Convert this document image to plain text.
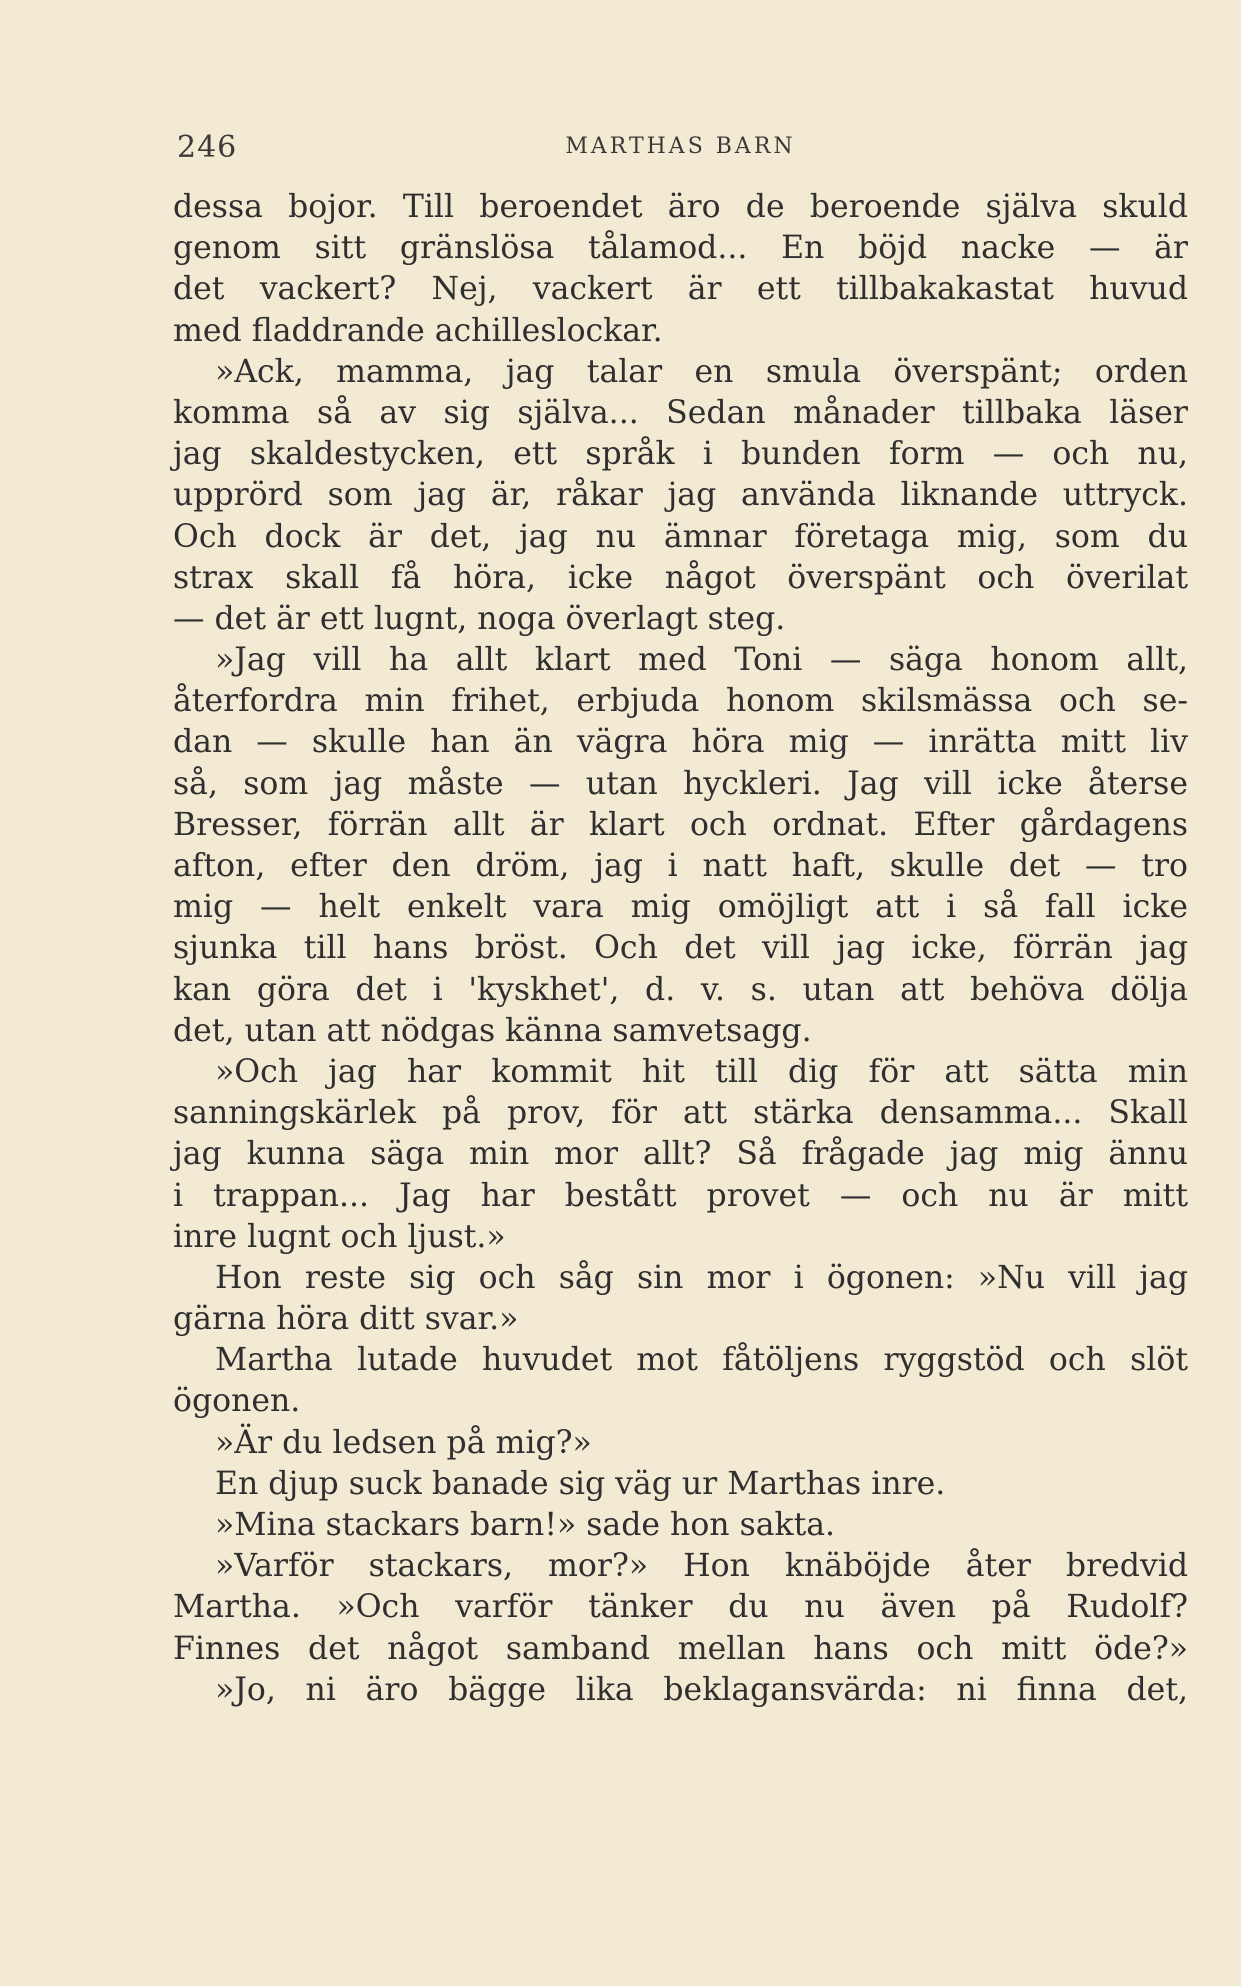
246	MARTHAS BARN
dessa bojor. Till beroendet äro de beroende själva skuld
genom sitt gränslösa tålamod... En böjd nacke — är
det vackert? Nej, vackert är ett tillbakakastat huvud
med fladdrande achilleslockar.
»Ack, mamma, jag talar en smula överspänt; orden
komma så av sig själva... Sedan månader tillbaka läser
jag skaldestycken, ett språk i bunden form — och nu,
upprörd som jag är, råkar jag använda liknande uttryck.
Och dock är det, jag nu ämnar företaga mig, som du
strax skall få höra, icke något överspänt och överilat
— det är ett lugnt, noga överlagt steg.
»Jag vill ha allt klart med Toni — säga honom allt,
återfordra min frihet, erbjuda honom skilsmässa och se-
dan — skulle han än vägra höra mig — inrätta mitt liv
så, som jag måste — utan hyckleri. Jag vill icke återse
Bresser, förrän allt är klart och ordnat. Efter gårdagens
afton, efter den dröm, jag i natt haft, skulle det — tro
mig — helt enkelt vara mig omöjligt att i så fall icke
sjunka till hans bröst. Och det vill jag icke, förrän jag
kan göra det i 'kyskhet', d. v. s. utan att behöva dölja
det, utan att nödgas känna samvetsagg.
»Och jag har kommit hit till dig för att sätta min
sanningskärlek på prov, för att stärka densamma... Skall
jag kunna säga min mor allt? Så frågade jag mig ännu
i trappan... Jag har bestått provet — och nu är mitt
inre lugnt och ljust.»
Hon reste sig och såg sin mor i ögonen: »Nu vill jag
gärna höra ditt svar.»
Martha lutade huvudet mot fåtöljens ryggstöd och slöt
ögonen.
»Är du ledsen på mig?»
En djup suck banade sig väg ur Marthas inre.
»Mina stackars barn!» sade hon sakta.
»Varför stackars, mor?» Hon knäböjde åter bredvid
Martha. »Och varför tänker du nu även på Rudolf?
Finnes det något samband mellan hans och mitt öde?»
»Jo, ni äro bägge lika beklagansvärda: ni finna det,
